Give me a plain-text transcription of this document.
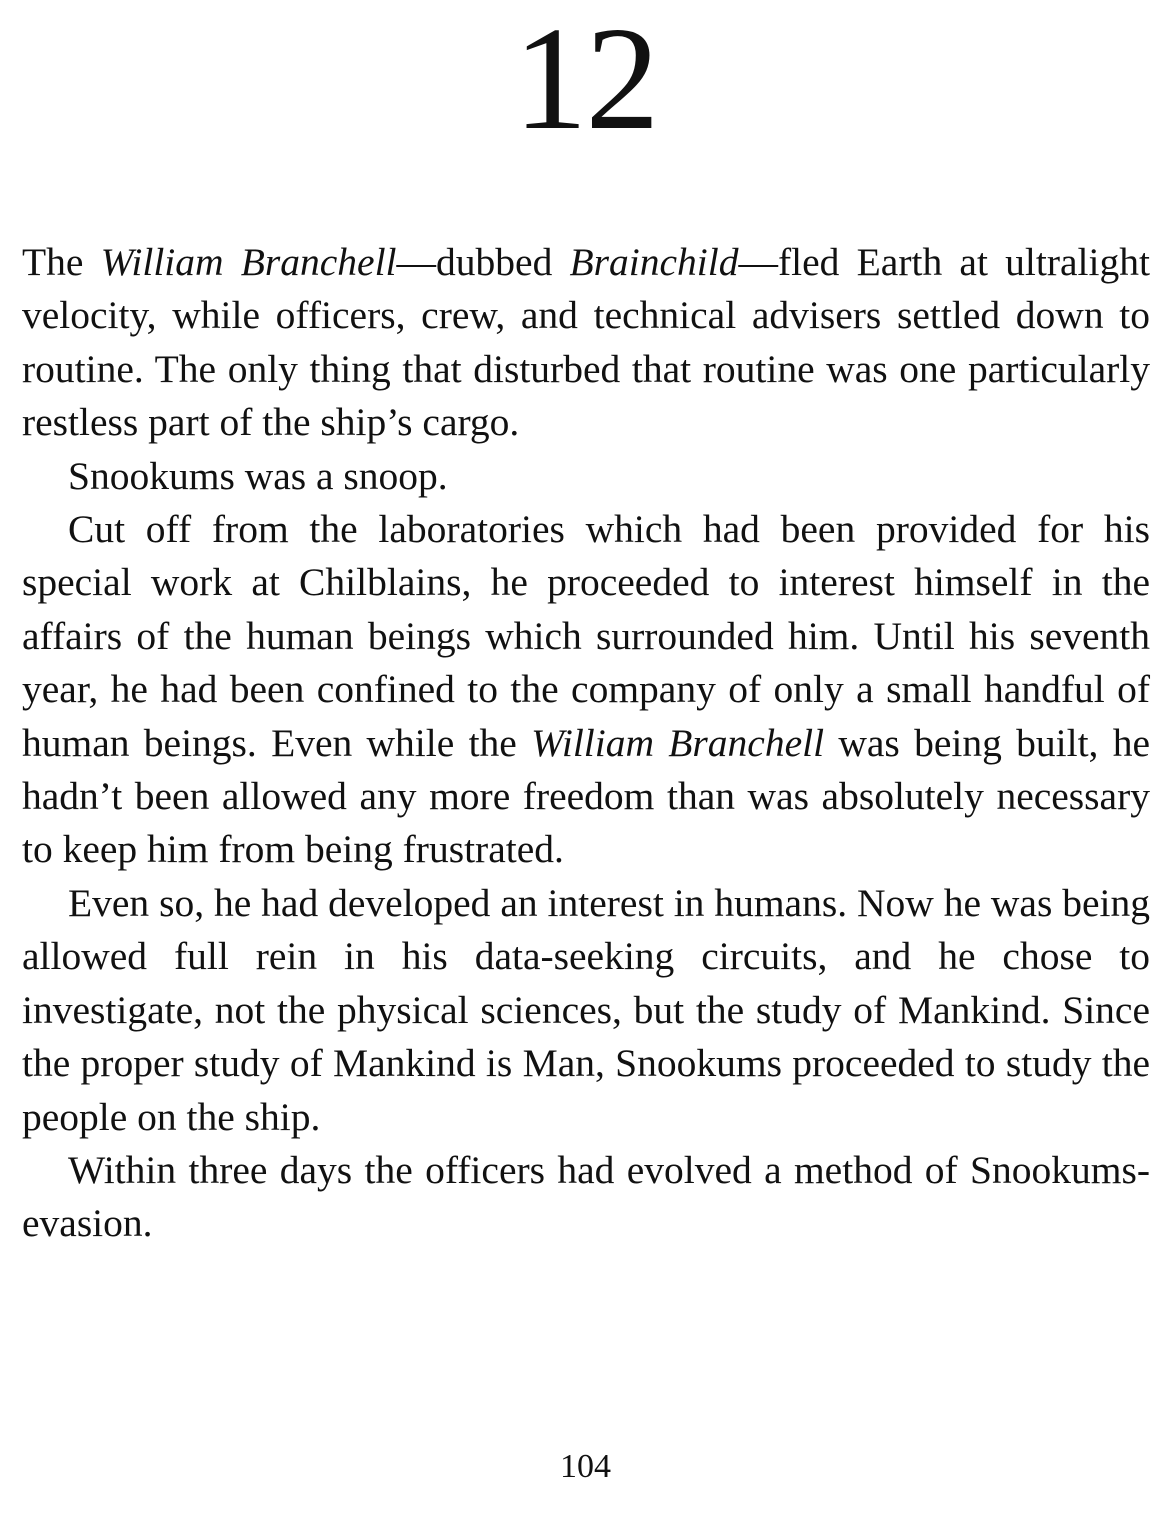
12

The William Branchell—dubbed Brainchild—fled Earth at ultralight velocity, while officers, crew, and technical advisers settled down to routine. The only thing that disturbed that routine was one particularly restless part of the ship’s cargo.

Snookums was a snoop.

Cut off from the laboratories which had been provided for his special work at Chilblains, he proceeded to interest himself in the affairs of the human beings which surrounded him. Until his seventh year, he had been confined to the company of only a small handful of human beings. Even while the William Branchell was being built, he hadn’t been allowed any more freedom than was absolutely necessary to keep him from being frustrated.

Even so, he had developed an interest in humans. Now he was being allowed full rein in his data-seeking circuits, and he chose to investigate, not the physical sciences, but the study of Mankind. Since the proper study of Mankind is Man, Snookums proceeded to study the people on the ship.

Within three days the officers had evolved a method of Snookums-evasion.

104
